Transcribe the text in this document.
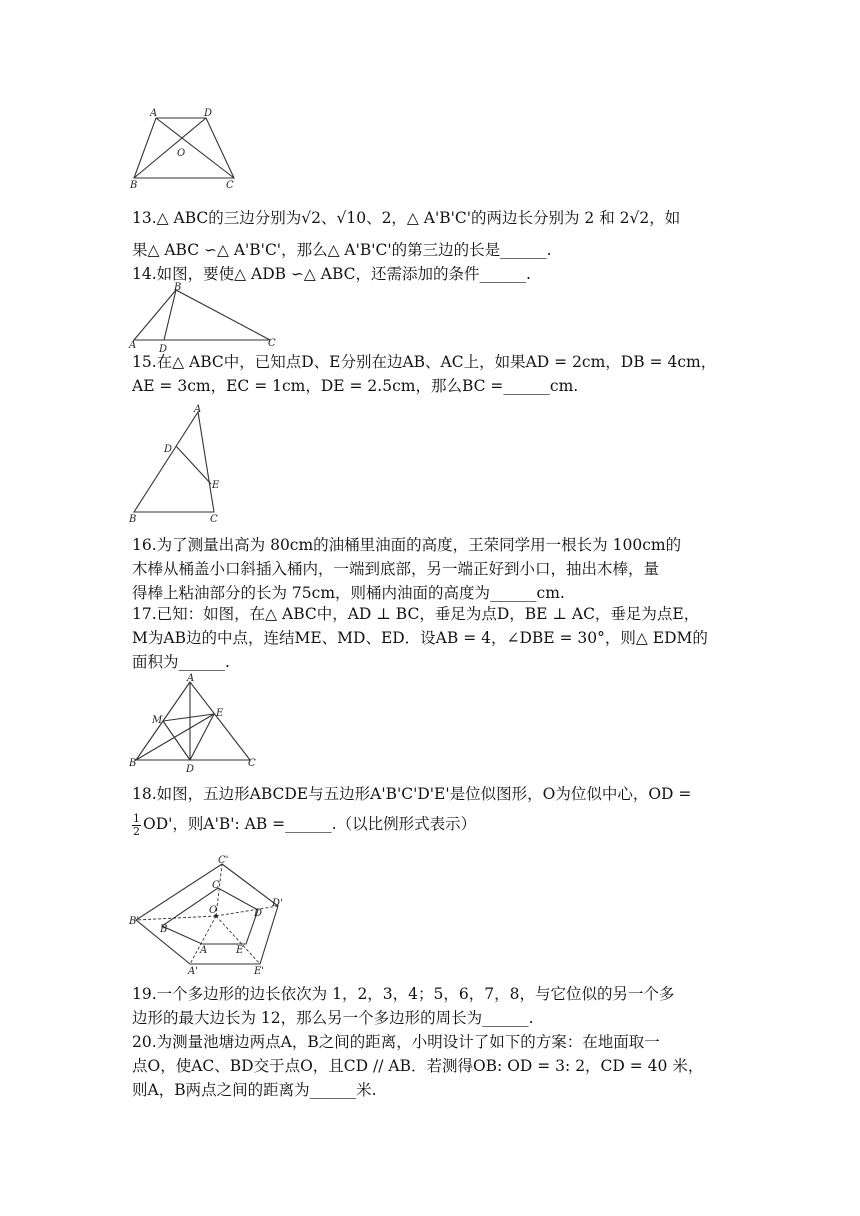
A	D
O
B	C
13.△ ABC的三边分别为√2、√10、2，△ A'B'C'的两边长分别为 2 和 2√2，如
果△ ABC ∽△ A'B'C'，那么△ A'B'C'的第三边的长是______.
14.如图，要使△ ADB ∽△ ABC，还需添加的条件______.
B
A D
C
15.在△ ABC中，已知点D、E分别在边AB、AC上，如果AD = 2cm，DB = 4cm，
AE = 3cm，EC = 1cm，DE = 2.5cm，那么BC =______cm.
A
D
E
B	C
16.为了测量出高为 80cm的油桶里油面的高度，王荣同学用一根长为 100cm的
木棒从桶盖小口斜插入桶内，一端到底部，另一端正好到小口，抽出木棒，量
得棒上粘油部分的长为 75cm，则桶内油面的高度为______cm.
17.已知：如图，在△ ABC中，AD ⊥ BC，垂足为点D，BE ⊥ AC，垂足为点E，
M为AB边的中点，连结ME、MD、ED．设AB = 4，∠DBE = 30°，则△ EDM的
面积为______.
A
M
E
B
D
C
18.如图，五边形ABCDE与五边形A'B'C'D'E'是位似图形，O为位似中心，OD =
$\frac{1}{2} OD'$，则A'B': AB =______.（以比例形式表示）
C'
C
O
D'
B'
B
D
A	E
A'	E'
19.一个多边形的边长依次为 1，2，3，4；5，6，7，8，与它位似的另一个多
边形的最大边长为 12，那么另一个多边形的周长为______.
20.为测量池塘边两点A，B之间的距离，小明设计了如下的方案：在地面取一
点O，使AC、BD交于点O，且CD // AB．若测得OB: OD = 3: 2，CD = 40 米，
则A，B两点之间的距离为______米.
